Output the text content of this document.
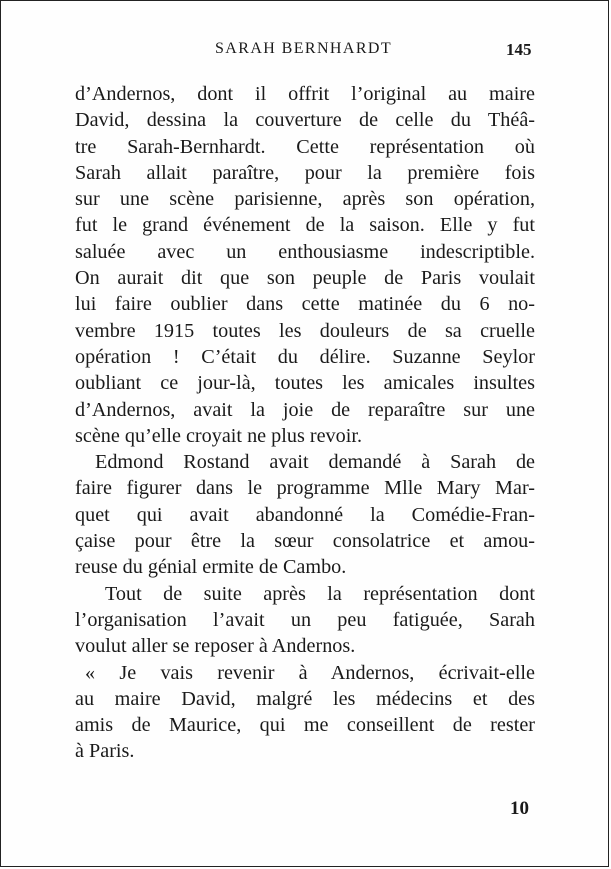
SARAH BERNHARDT	145
d’Andernos, dont il offrit l’original au maire
David, dessina la couverture de celle du Théâ-
tre Sarah-Bernhardt. Cette représentation où
Sarah allait paraître, pour la première fois
sur une scène parisienne, après son opération,
fut le grand événement de la saison. Elle y fut
saluée avec un enthousiasme indescriptible.
On aurait dit que son peuple de Paris voulait
lui faire oublier dans cette matinée du 6 no-
vembre 1915 toutes les douleurs de sa cruelle
opération ! C’était du délire. Suzanne Seylor
oubliant ce jour-là, toutes les amicales insultes
d’Andernos, avait la joie de reparaître sur une
scène qu’elle croyait ne plus revoir.
Edmond Rostand avait demandé à Sarah de
faire figurer dans le programme Mlle Mary Mar-
quet qui avait abandonné la Comédie-Fran-
çaise pour être la sœur consolatrice et amou-
reuse du génial ermite de Cambo.
Tout de suite après la représentation dont
l’organisation l’avait un peu fatiguée, Sarah
voulut aller se reposer à Andernos.
« Je vais revenir à Andernos, écrivait-elle
au maire David, malgré les médecins et des
amis de Maurice, qui me conseillent de rester
à Paris.
10
